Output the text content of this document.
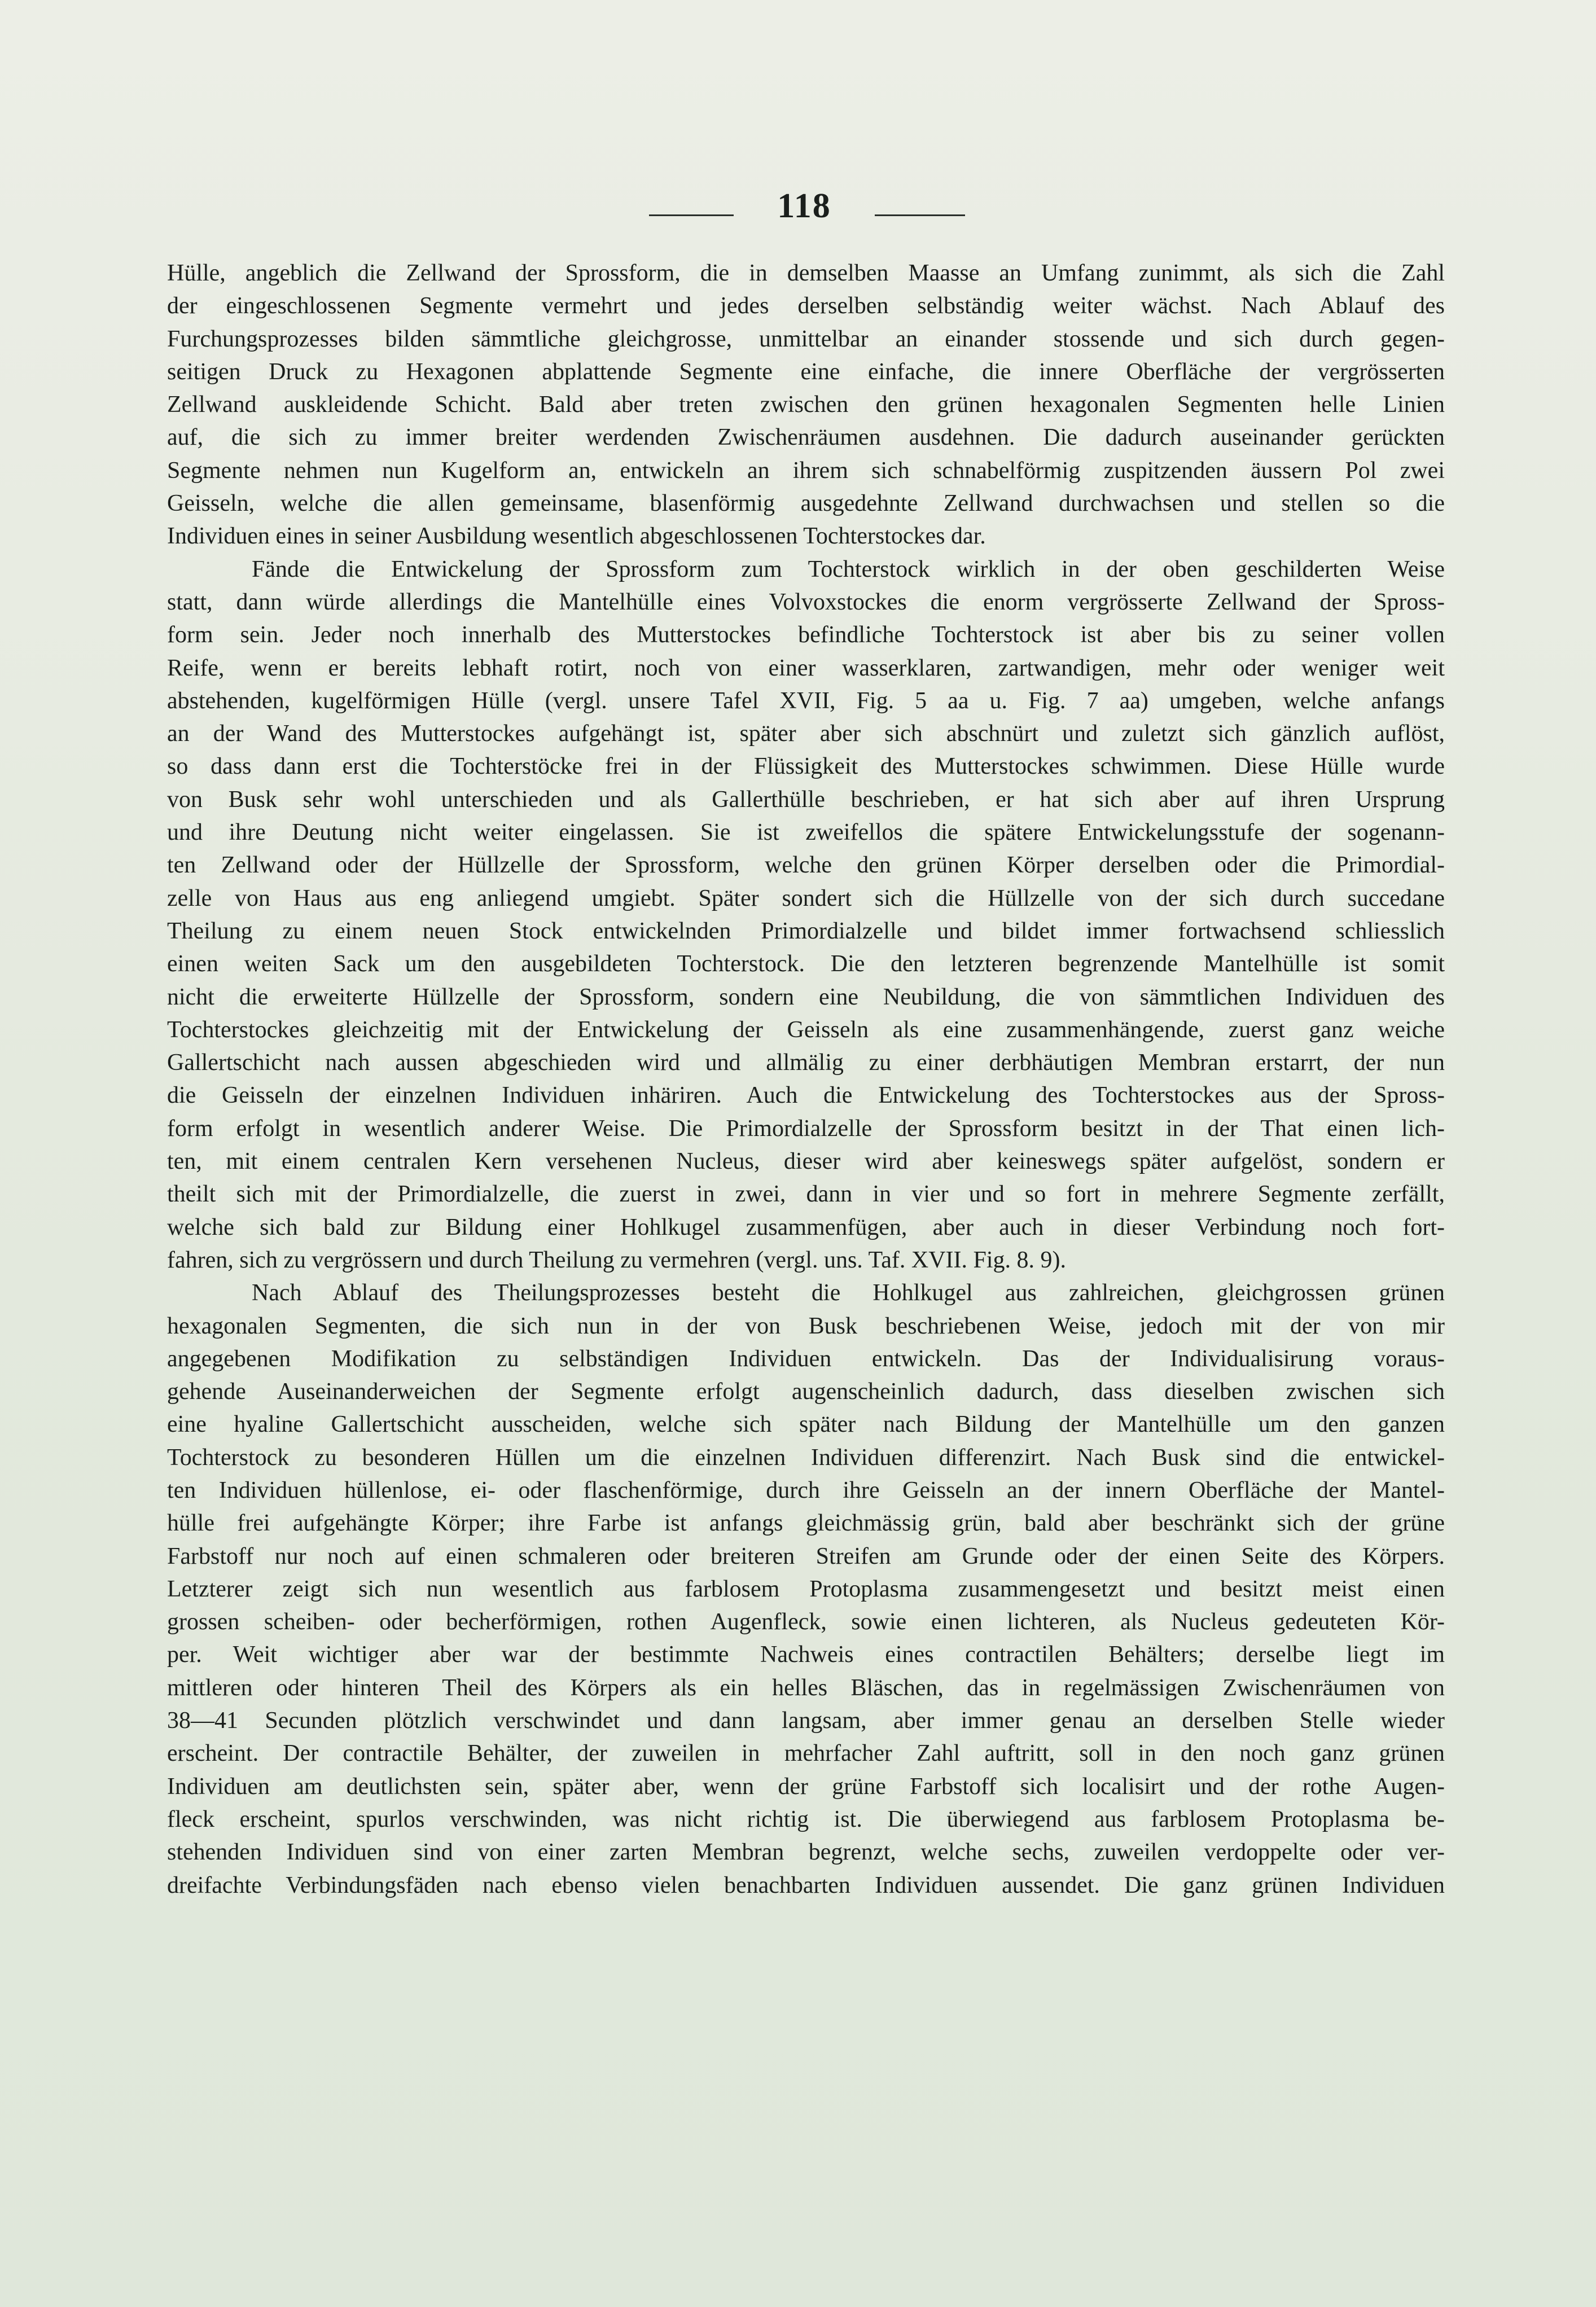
118
Hülle, angeblich die Zellwand der Sprossform, die in demselben Maasse an Umfang zunimmt, als sich die Zahl
der eingeschlossenen Segmente vermehrt und jedes derselben selbständig weiter wächst. Nach Ablauf des
Furchungsprozesses bilden sämmtliche gleichgrosse, unmittelbar an einander stossende und sich durch gegen-
seitigen Druck zu Hexagonen abplattende Segmente eine einfache, die innere Oberfläche der vergrösserten
Zellwand auskleidende Schicht. Bald aber treten zwischen den grünen hexagonalen Segmenten helle Linien
auf, die sich zu immer breiter werdenden Zwischenräumen ausdehnen. Die dadurch auseinander gerückten
Segmente nehmen nun Kugelform an, entwickeln an ihrem sich schnabelförmig zuspitzenden äussern Pol zwei
Geisseln, welche die allen gemeinsame, blasenförmig ausgedehnte Zellwand durchwachsen und stellen so die
Individuen eines in seiner Ausbildung wesentlich abgeschlossenen Tochterstockes dar.
Fände die Entwickelung der Sprossform zum Tochterstock wirklich in der oben geschilderten Weise
statt, dann würde allerdings die Mantelhülle eines Volvoxstockes die enorm vergrösserte Zellwand der Spross-
form sein. Jeder noch innerhalb des Mutterstockes befindliche Tochterstock ist aber bis zu seiner vollen
Reife, wenn er bereits lebhaft rotirt, noch von einer wasserklaren, zartwandigen, mehr oder weniger weit
abstehenden, kugelförmigen Hülle (vergl. unsere Tafel XVII, Fig. 5 aa u. Fig. 7 aa) umgeben, welche anfangs
an der Wand des Mutterstockes aufgehängt ist, später aber sich abschnürt und zuletzt sich gänzlich auflöst,
so dass dann erst die Tochterstöcke frei in der Flüssigkeit des Mutterstockes schwimmen. Diese Hülle wurde
von Busk sehr wohl unterschieden und als Gallerthülle beschrieben, er hat sich aber auf ihren Ursprung
und ihre Deutung nicht weiter eingelassen. Sie ist zweifellos die spätere Entwickelungsstufe der sogenann-
ten Zellwand oder der Hüllzelle der Sprossform, welche den grünen Körper derselben oder die Primordial-
zelle von Haus aus eng anliegend umgiebt. Später sondert sich die Hüllzelle von der sich durch succedane
Theilung zu einem neuen Stock entwickelnden Primordialzelle und bildet immer fortwachsend schliesslich
einen weiten Sack um den ausgebildeten Tochterstock. Die den letzteren begrenzende Mantelhülle ist somit
nicht die erweiterte Hüllzelle der Sprossform, sondern eine Neubildung, die von sämmtlichen Individuen des
Tochterstockes gleichzeitig mit der Entwickelung der Geisseln als eine zusammenhängende, zuerst ganz weiche
Gallertschicht nach aussen abgeschieden wird und allmälig zu einer derbhäutigen Membran erstarrt, der nun
die Geisseln der einzelnen Individuen inhäriren. Auch die Entwickelung des Tochterstockes aus der Spross-
form erfolgt in wesentlich anderer Weise. Die Primordialzelle der Sprossform besitzt in der That einen lich-
ten, mit einem centralen Kern versehenen Nucleus, dieser wird aber keineswegs später aufgelöst, sondern er
theilt sich mit der Primordialzelle, die zuerst in zwei, dann in vier und so fort in mehrere Segmente zerfällt,
welche sich bald zur Bildung einer Hohlkugel zusammenfügen, aber auch in dieser Verbindung noch fort-
fahren, sich zu vergrössern und durch Theilung zu vermehren (vergl. uns. Taf. XVII. Fig. 8. 9).
Nach Ablauf des Theilungsprozesses besteht die Hohlkugel aus zahlreichen, gleichgrossen grünen
hexagonalen Segmenten, die sich nun in der von Busk beschriebenen Weise, jedoch mit der von mir
angegebenen Modifikation zu selbständigen Individuen entwickeln. Das der Individualisirung voraus-
gehende Auseinanderweichen der Segmente erfolgt augenscheinlich dadurch, dass dieselben zwischen sich
eine hyaline Gallertschicht ausscheiden, welche sich später nach Bildung der Mantelhülle um den ganzen
Tochterstock zu besonderen Hüllen um die einzelnen Individuen differenzirt. Nach Busk sind die entwickel-
ten Individuen hüllenlose, ei- oder flaschenförmige, durch ihre Geisseln an der innern Oberfläche der Mantel-
hülle frei aufgehängte Körper; ihre Farbe ist anfangs gleichmässig grün, bald aber beschränkt sich der grüne
Farbstoff nur noch auf einen schmaleren oder breiteren Streifen am Grunde oder der einen Seite des Körpers.
Letzterer zeigt sich nun wesentlich aus farblosem Protoplasma zusammengesetzt und besitzt meist einen
grossen scheiben- oder becherförmigen, rothen Augenfleck, sowie einen lichteren, als Nucleus gedeuteten Kör-
per. Weit wichtiger aber war der bestimmte Nachweis eines contractilen Behälters; derselbe liegt im
mittleren oder hinteren Theil des Körpers als ein helles Bläschen, das in regelmässigen Zwischenräumen von
38—41 Secunden plötzlich verschwindet und dann langsam, aber immer genau an derselben Stelle wieder
erscheint. Der contractile Behälter, der zuweilen in mehrfacher Zahl auftritt, soll in den noch ganz grünen
Individuen am deutlichsten sein, später aber, wenn der grüne Farbstoff sich localisirt und der rothe Augen-
fleck erscheint, spurlos verschwinden, was nicht richtig ist. Die überwiegend aus farblosem Protoplasma be-
stehenden Individuen sind von einer zarten Membran begrenzt, welche sechs, zuweilen verdoppelte oder ver-
dreifachte Verbindungsfäden nach ebenso vielen benachbarten Individuen aussendet. Die ganz grünen Individuen
